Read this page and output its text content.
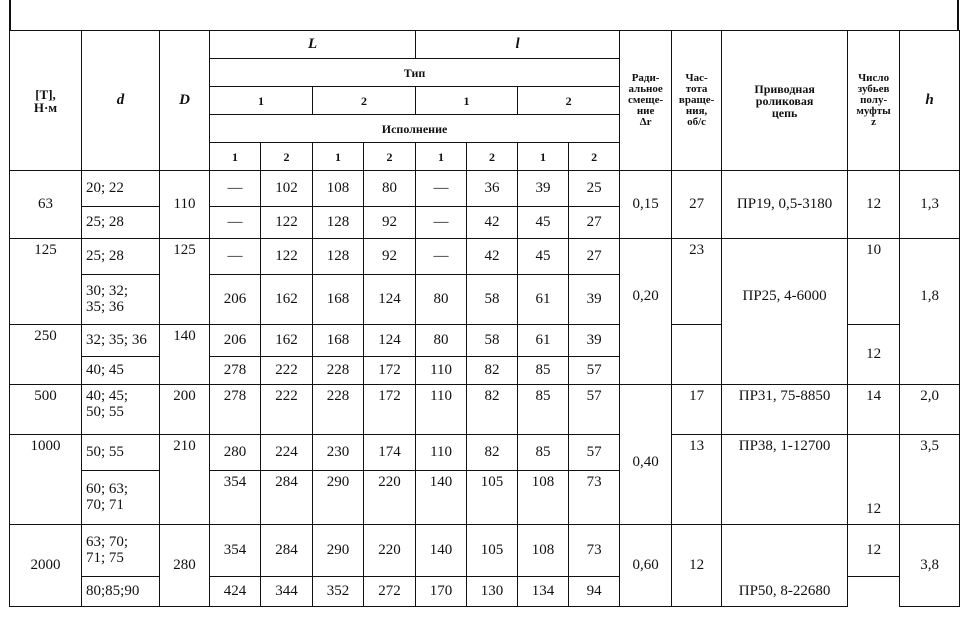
[T],
Н·м	d	D	L				l				Ради-
альное
смеще-
ние
Δr	Час-
тота
враще-
ния,
об/с	Приводная
роликовая
цепь	Число
зубьев
полу-
муфты
z	h
			Тип												
			1		2		1		2						
			Исполнение												
			1	2	1	2	1	2	1	2					
63	20; 22	110	—	102	108	80	—	36	39	25	0,15	27	ПР19, 0,5-3180	12	1,3
	25; 28		—	122	128	92	—	42	45	27					
125	25; 28	125	—	122	128	92	—	42	45	27	0,20	23	ПР25, 4-6000	10	1,8
	30; 32;
35; 36		206	162	168	124	80	58	61	39					
250	32; 35; 36	140	206	162	168	124	80	58	61	39				12	
	40; 45		278	222	228	172	110	82	85	57					
500	40; 45;
50; 55	200	278	222	228	172	110	82	85	57	0,40	17	ПР31, 75-8850	14	2,0
1000	50; 55	210	280	224	230	174	110	82	85	57		13	ПР38, 1-12700	12	3,5
	60; 63;
70; 71		354	284	290	220	140	105	108	73					
2000	63; 70;
71; 75	280	354	284	290	220	140	105	108	73	0,60	12	ПР50, 8-22680	12	3,8
	80;85;90		424	344	352	272	170	130	134	94					
